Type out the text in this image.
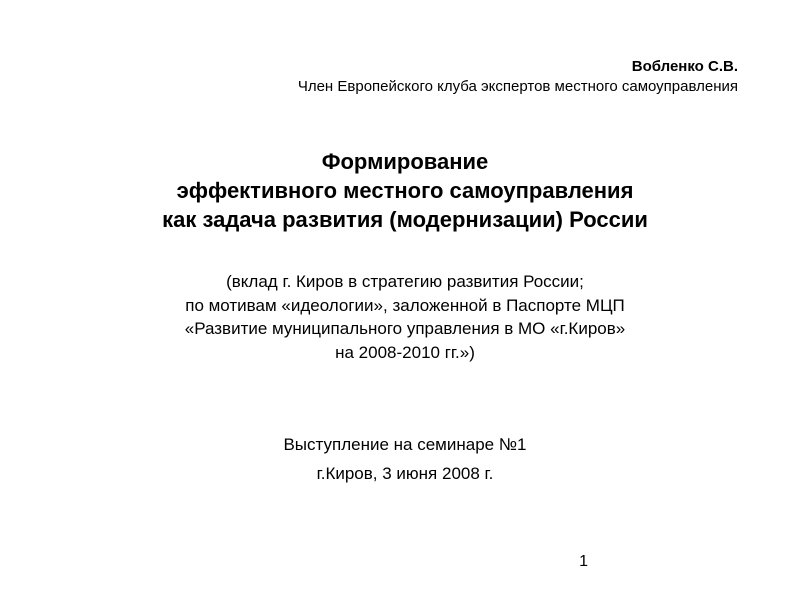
Вобленко С.В.
Член Европейского клуба экспертов местного самоуправления
Формирование
эффективного местного самоуправления
как задача развития (модернизации) России
(вклад г. Киров в стратегию развития России;
по мотивам «идеологии», заложенной в Паспорте МЦП
«Развитие муниципального управления в МО «г.Киров»
на 2008-2010 гг.»)
Выступление на семинаре №1
г.Киров, 3 июня 2008 г.
1
